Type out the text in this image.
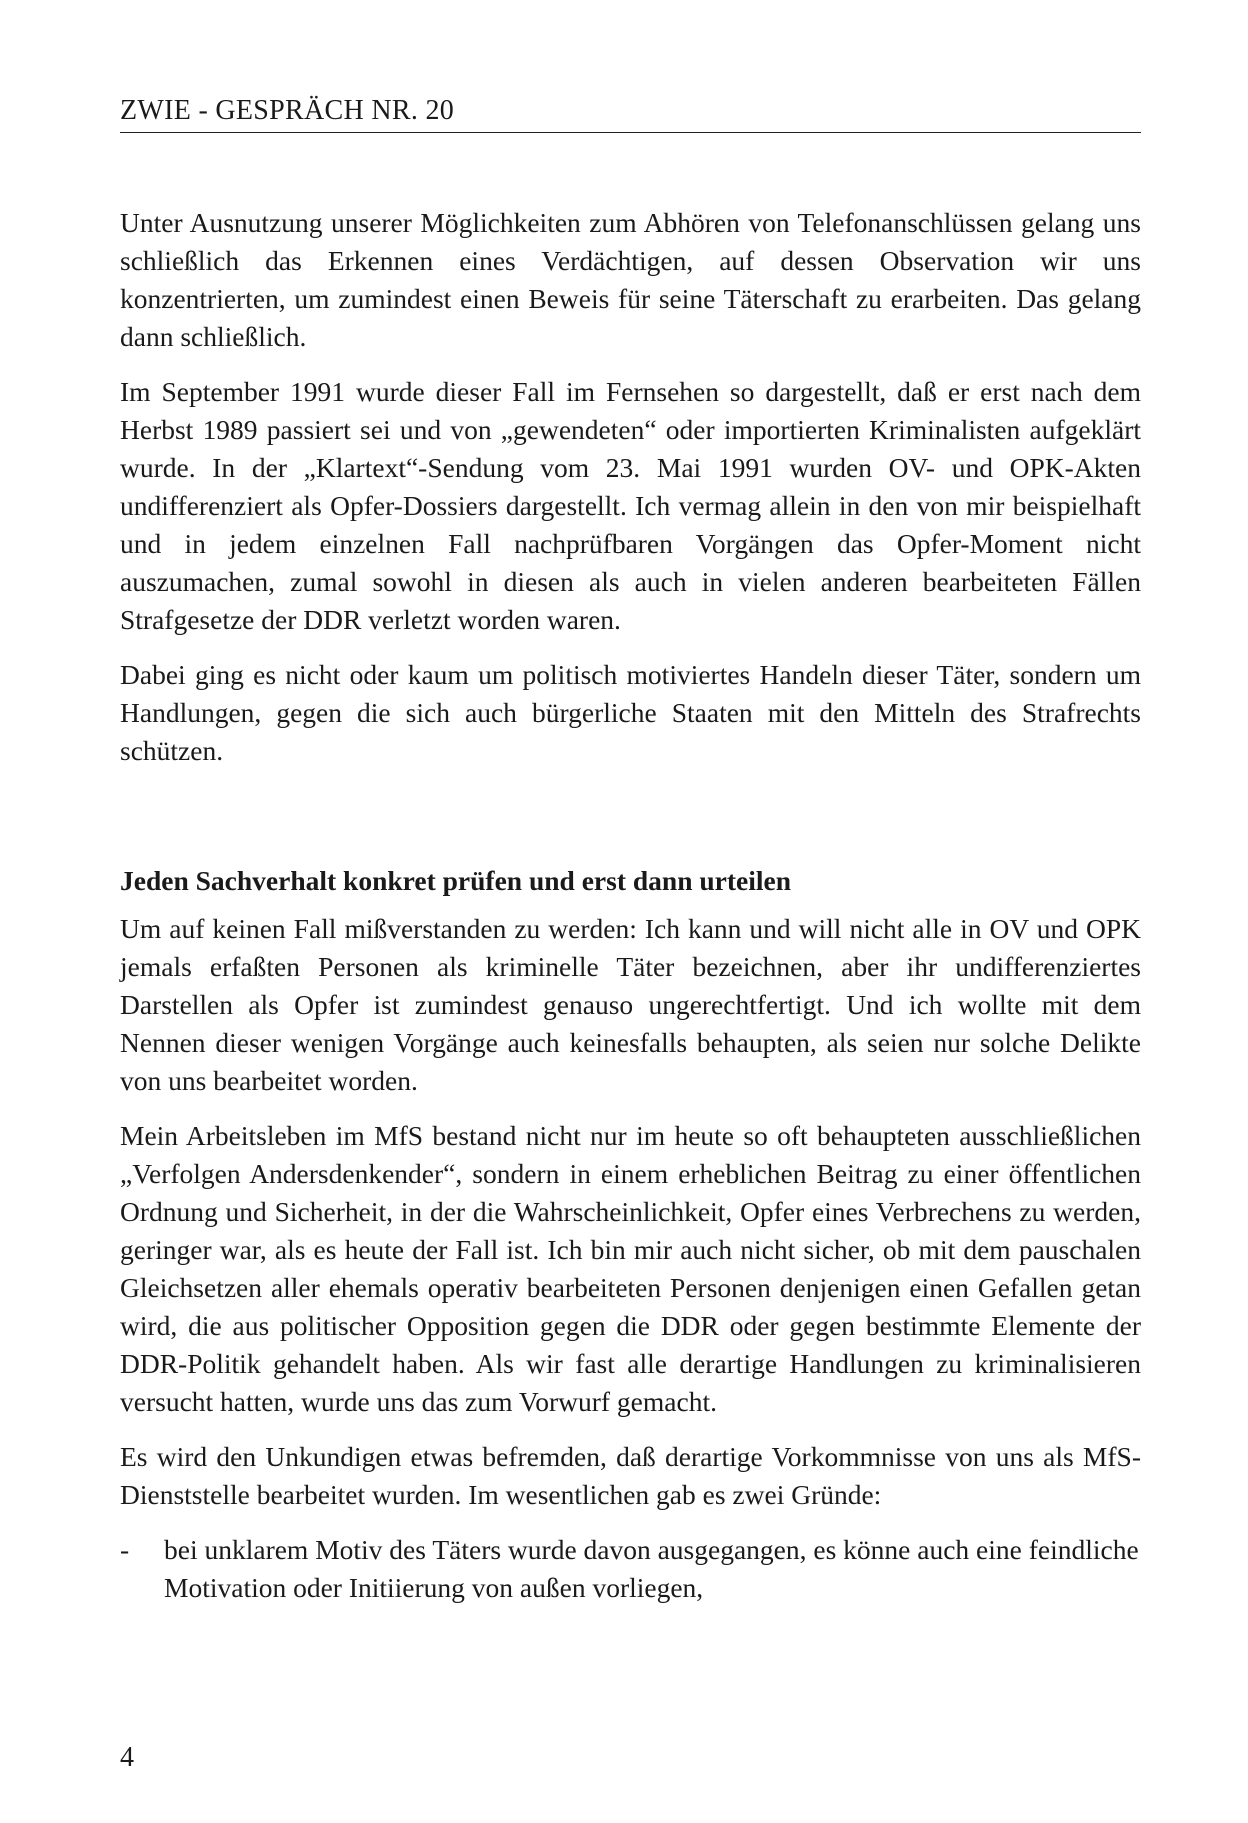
ZWIE - GESPRÄCH NR. 20

Unter Ausnutzung unserer Möglichkeiten zum Abhören von Telefonanschlüssen gelang uns schließlich das Erkennen eines Verdächtigen, auf dessen Observation wir uns konzentrierten, um zumindest einen Beweis für seine Täterschaft zu erarbeiten. Das gelang dann schließlich.

Im September 1991 wurde dieser Fall im Fernsehen so dargestellt, daß er erst nach dem Herbst 1989 passiert sei und von „gewendeten“ oder importierten Kriminalisten aufgeklärt wurde. In der „Klartext“-Sendung vom 23. Mai 1991 wurden OV- und OPK-Akten undifferenziert als Opfer-Dossiers dargestellt. Ich vermag allein in den von mir beispielhaft und in jedem einzelnen Fall nachprüfbaren Vorgängen das Opfer-Moment nicht auszumachen, zumal sowohl in diesen als auch in vielen anderen bearbeiteten Fällen Strafgesetze der DDR verletzt worden waren.

Dabei ging es nicht oder kaum um politisch motiviertes Handeln dieser Täter, sondern um Handlungen, gegen die sich auch bürgerliche Staaten mit den Mitteln des Strafrechts schützen.

Jeden Sachverhalt konkret prüfen und erst dann urteilen

Um auf keinen Fall mißverstanden zu werden: Ich kann und will nicht alle in OV und OPK jemals erfaßten Personen als kriminelle Täter bezeichnen, aber ihr undifferenziertes Darstellen als Opfer ist zumindest genauso ungerechtfertigt. Und ich wollte mit dem Nennen dieser wenigen Vorgänge auch keinesfalls behaupten, als seien nur solche Delikte von uns bearbeitet worden.

Mein Arbeitsleben im MfS bestand nicht nur im heute so oft behaupteten ausschließlichen „Verfolgen Andersdenkender“, sondern in einem erheblichen Beitrag zu einer öffentlichen Ordnung und Sicherheit, in der die Wahrscheinlichkeit, Opfer eines Verbrechens zu werden, geringer war, als es heute der Fall ist. Ich bin mir auch nicht sicher, ob mit dem pauschalen Gleichsetzen aller ehemals operativ bearbeiteten Personen denjenigen einen Gefallen getan wird, die aus politischer Opposition gegen die DDR oder gegen bestimmte Elemente der DDR-Politik gehandelt haben. Als wir fast alle derartige Handlungen zu kriminalisieren versucht hatten, wurde uns das zum Vorwurf gemacht.

Es wird den Unkundigen etwas befremden, daß derartige Vorkommnisse von uns als MfS-Dienststelle bearbeitet wurden. Im wesentlichen gab es zwei Gründe:

- bei unklarem Motiv des Täters wurde davon ausgegangen, es könne auch eine feindliche Motivation oder Initiierung von außen vorliegen,
4
